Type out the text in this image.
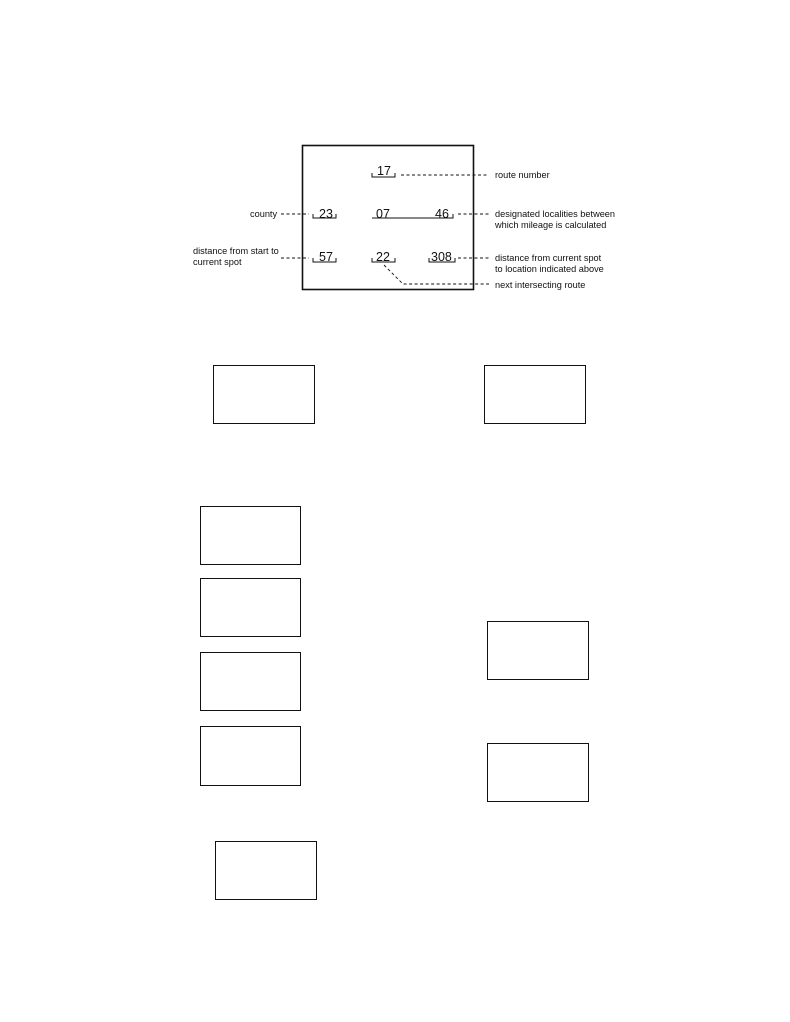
17	route number
county	23	07	46	designated localities between
which mileage is calculated
distance from start to
current spot	57	22
next intersecting route
308	distance from current spot
to location indicated above
